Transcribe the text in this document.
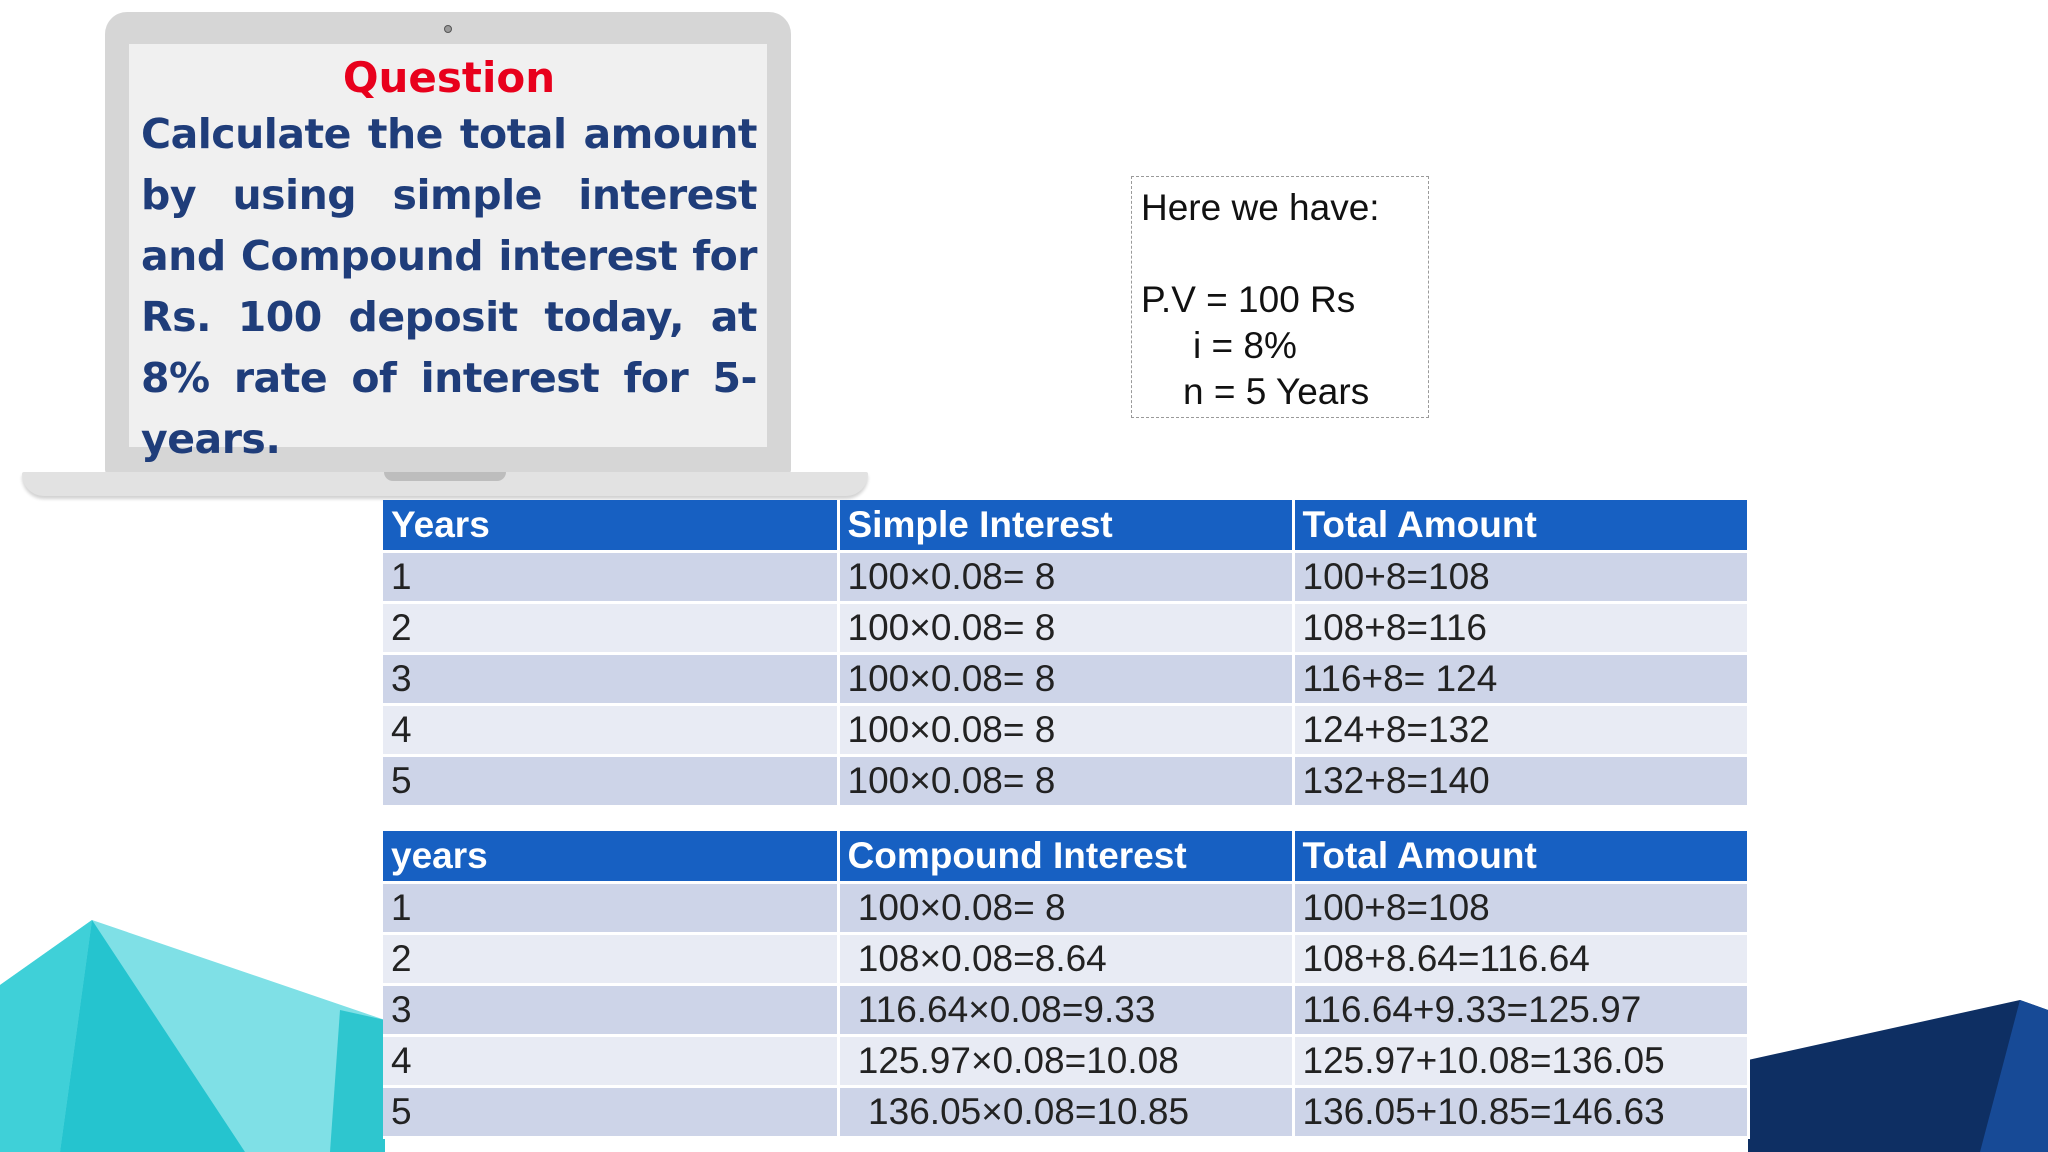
Question

Calculate the total amount by using simple interest and Compound interest for Rs. 100 deposit today, at 8% rate of interest for 5- years.

Here we have:
P.V = 100 Rs
i = 8%
n = 5 Years
Years	Simple Interest	Total Amount
1	100×0.08= 8	100+8=108
2	100×0.08= 8	108+8=116
3	100×0.08= 8	116+8= 124
4	100×0.08= 8	124+8=132
5	100×0.08= 8	132+8=140
years	Compound Interest	Total Amount
1	100×0.08= 8	100+8=108
2	108×0.08=8.64	108+8.64=116.64
3	116.64×0.08=9.33	116.64+9.33=125.97
4	125.97×0.08=10.08	125.97+10.08=136.05
5	136.05×0.08=10.85	136.05+10.85=146.63
